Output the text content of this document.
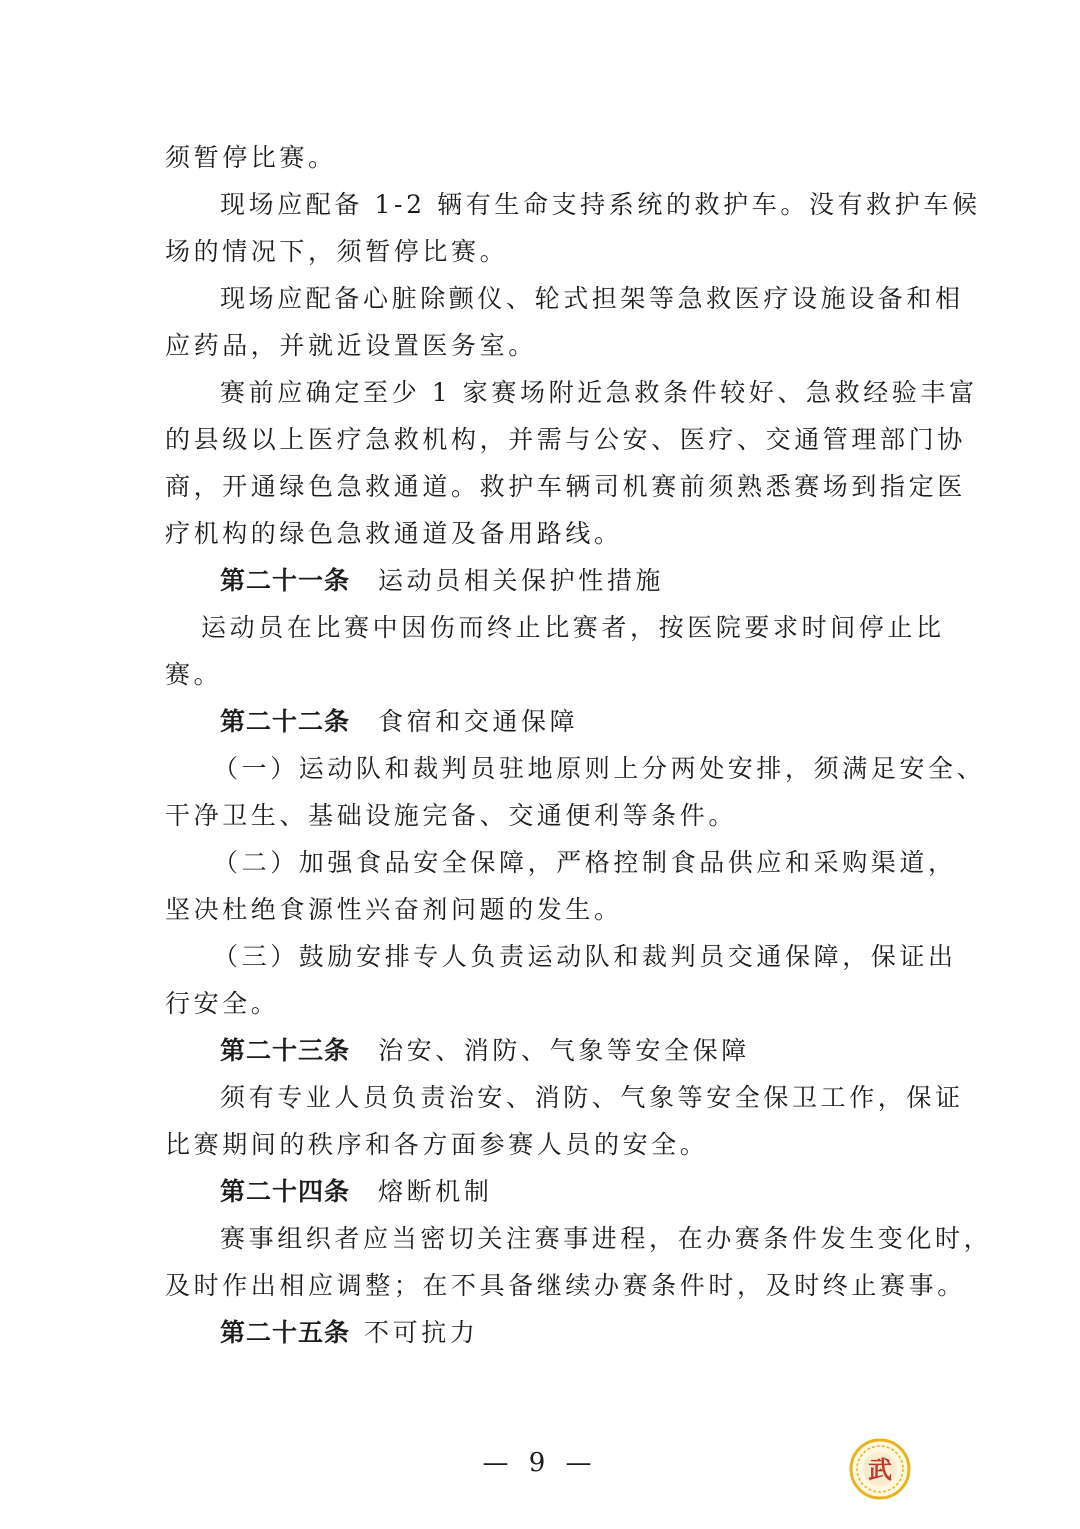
须暂停比赛。
现场应配备 1-2 辆有生命支持系统的救护车。没有救护车候
场的情况下，须暂停比赛。
现场应配备心脏除颤仪、轮式担架等急救医疗设施设备和相
应药品，并就近设置医务室。
赛前应确定至少 1 家赛场附近急救条件较好、急救经验丰富
的县级以上医疗急救机构，并需与公安、医疗、交通管理部门协
商，开通绿色急救通道。救护车辆司机赛前须熟悉赛场到指定医
疗机构的绿色急救通道及备用路线。
第二十一条 运动员相关保护性措施
运动员在比赛中因伤而终止比赛者，按医院要求时间停止比
赛。
第二十二条 食宿和交通保障
（一）运动队和裁判员驻地原则上分两处安排，须满足安全、
干净卫生、基础设施完备、交通便利等条件。
（二）加强食品安全保障，严格控制食品供应和采购渠道，
坚决杜绝食源性兴奋剂问题的发生。
（三）鼓励安排专人负责运动队和裁判员交通保障，保证出
行安全。
第二十三条 治安、消防、气象等安全保障
须有专业人员负责治安、消防、气象等安全保卫工作，保证
比赛期间的秩序和各方面参赛人员的安全。
第二十四条 熔断机制
赛事组织者应当密切关注赛事进程，在办赛条件发生变化时，
及时作出相应调整；在不具备继续办赛条件时，及时终止赛事。
第二十五条 不可抗力
— 9 —	武
